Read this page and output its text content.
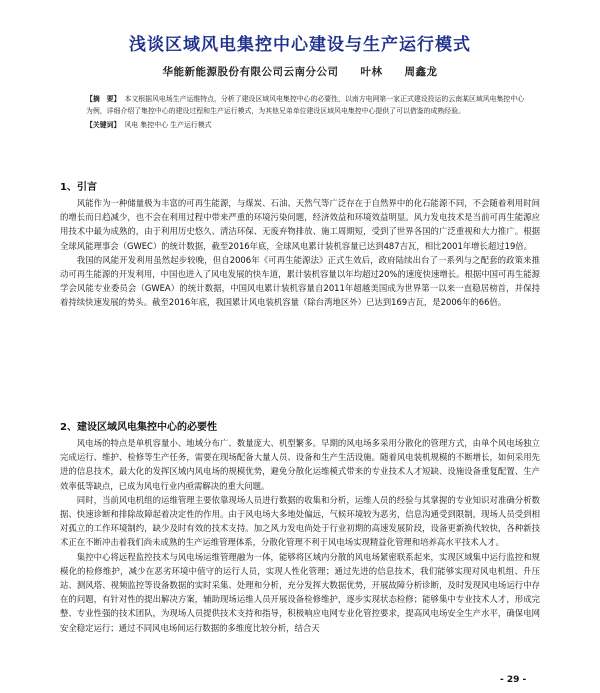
浅谈区域风电集控中心建设与生产运行模式
华能新能源股份有限公司云南分公司　　叶林　　周鑫龙
【摘　要】 本文根据风电场生产运维特点，分析了建设区域风电集控中心的必要性，以南方电网第一家正式建设投运的云南某区域风电集控中心为例，详细介绍了集控中心的建设过程和生产运行模式，为其他兄弟单位建设区域风电集控中心提供了可以借鉴的成熟经验。
【关键词】 风电 集控中心 生产运行模式
1、引言

风能作为一种储量极为丰富的可再生能源，与煤炭、石油、天然气等广泛存在于自然界中的化石能源不同，不会随着利用时间的增长而日趋减少，也不会在利用过程中带来严重的环境污染问题，经济效益和环境效益明显。风力发电技术是当前可再生能源应用技术中最为成熟的，由于利用历史悠久、清洁环保、无废弃物排放、施工周期短，受到了世界各国的广泛重视和大力推广。根据全球风能理事会（GWEC）的统计数据，截至2016年底，全球风电累计装机容量已达到487吉瓦，相比2001年增长超过19倍。

我国的风能开发利用虽然起步较晚，但自2006年《可再生能源法》正式生效后，政府陆续出台了一系列与之配套的政策来推动可再生能源的开发利用，中国也进入了风电发展的快车道，累计装机容量以年均超过20%的速度快速增长。根据中国可再生能源学会风能专业委员会（GWEA）的统计数据，中国风电累计装机容量自2011年超越美国成为世界第一以来一直稳居榜首，并保持着持续快速发展的势头。截至2016年底，我国累计风电装机容量（除台湾地区外）已达到169吉瓦，是2006年的66倍。

2、建设区域风电集控中心的必要性

风电场的特点是单机容量小、地域分布广、数量庞大、机型繁多。早期的风电场多采用分散化的管理方式，由单个风电场独立完成运行、维护、检修等生产任务，需要在现场配备大量人员、设备和生产生活设施。随着风电装机规模的不断增长，如何采用先进的信息技术，最大化的发挥区域内风电场的规模优势，避免分散化运维模式带来的专业技术人才短缺、设施设备重复配置、生产效率低等缺点，已成为风电行业内亟需解决的重大问题。

同时，当前风电机组的运维管理主要依靠现场人员进行数据的收集和分析，运维人员的经验与其掌握的专业知识对准确分析数据、快速诊断和排除故障起着决定性的作用。由于风电场大多地处偏远，气候环境较为恶劣，信息沟通受到限制，现场人员受到相对孤立的工作环境制约，缺少及时有效的技术支持。加之风力发电尚处于行业初期的高速发展阶段，设备更新换代较快，各种新技术正在不断冲击着我们尚未成熟的生产运维管理体系，分散化管理不利于风电场实现精益化管理和培养高水平技术人才。

集控中心将远程监控技术与风电场运维管理融为一体，能够将区域内分散的风电场紧密联系起来，实现区域集中运行监控和规模化的检修维护，减少在恶劣环境中值守的运行人员，实现人性化管理；通过先进的信息技术，我们能够实现对风电机组、升压站、测风塔、视频监控等设备数据的实时采集、处理和分析，充分发挥大数据优势，开展故障分析诊断，及时发现风电场运行中存在的问题，有针对性的提出解决方案，辅助现场运维人员开展设备检修维护，逐步实现状态检修；能够集中专业技术人才，形成完整、专业性强的技术团队，为现场人员提供技术支持和指导，积极响应电网专业化管控要求，提高风电场安全生产水平，确保电网安全稳定运行；通过不同风电场间运行数据的多维度比较分析，结合天

- 29 -
